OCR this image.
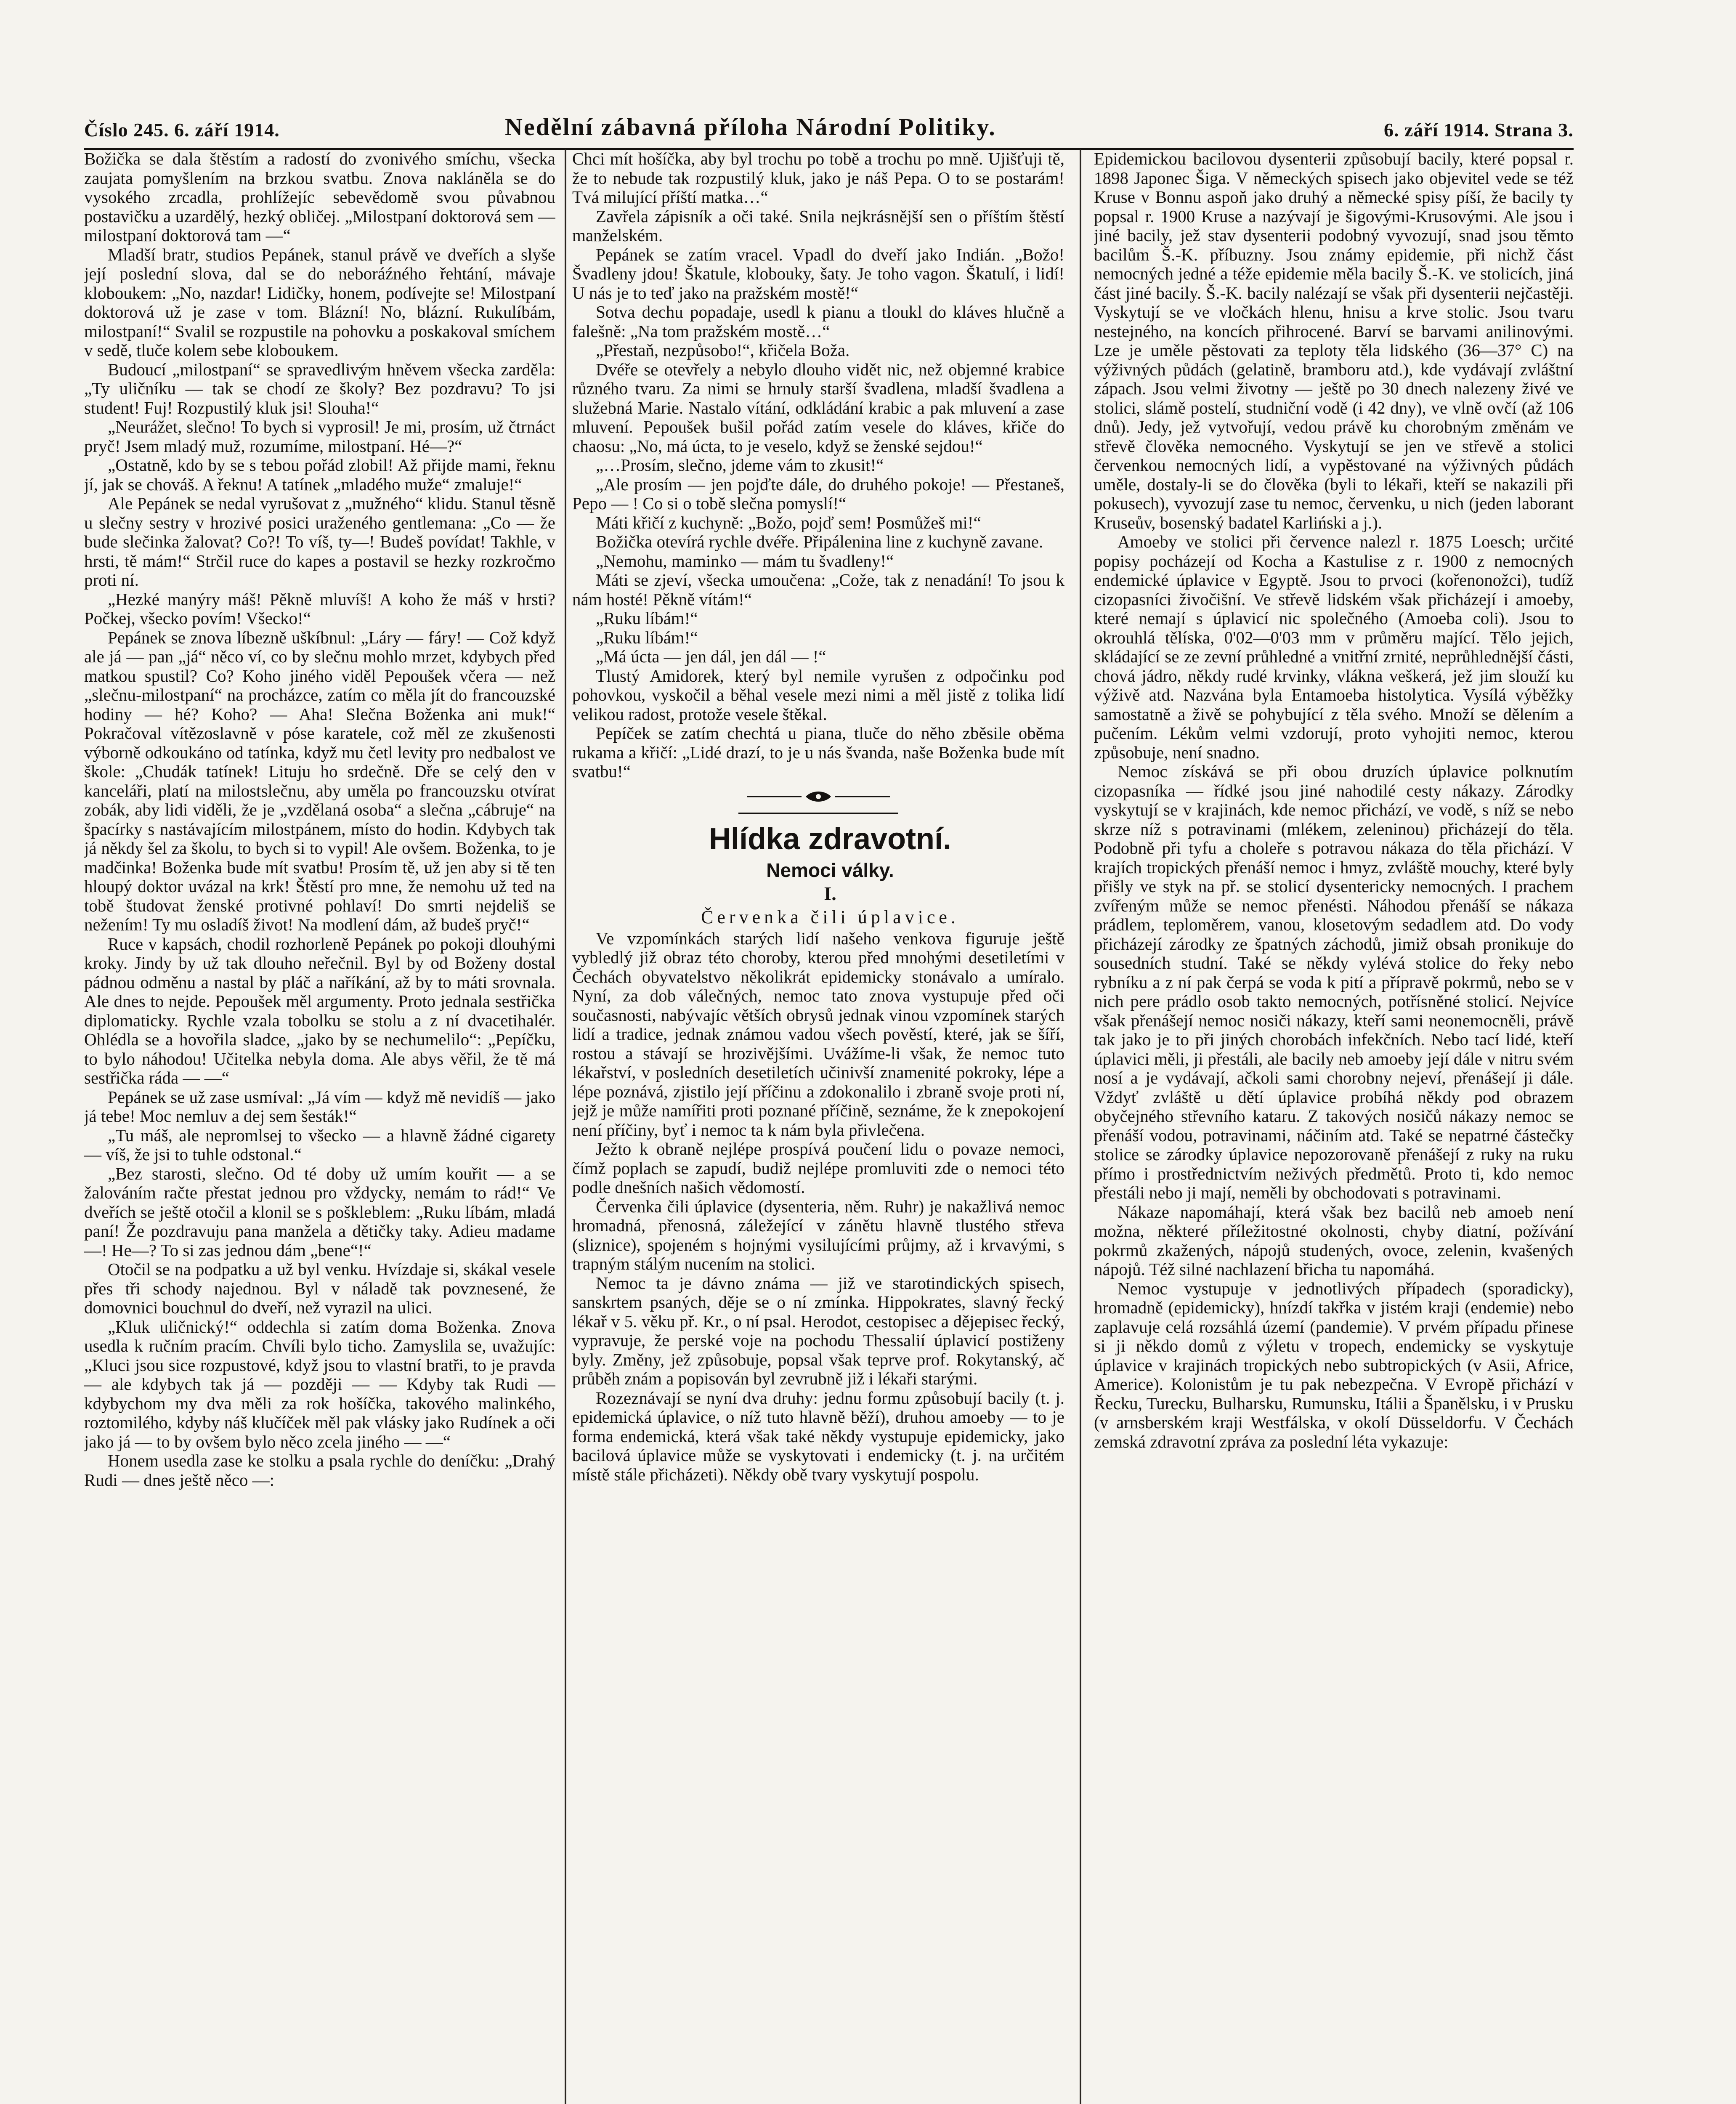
Číslo 245. 6. září 1914.	Nedělní zábavná příloha Národní Politiky.	6. září 1914. Strana 3.

Božička se dala štěstím a radostí do zvonivého smíchu, všecka zaujata pomyšlením na brzkou svatbu. Znova nakláněla se do vysokého zrcadla, prohlížejíc sebevědomě svou půvabnou postavičku a uzardělý, hezký obličej. „Milostpaní doktorová sem — milostpaní doktorová tam —“

Mladší bratr, studios Pepánek, stanul právě ve dveřích a slyše její poslední slova, dal se do neboráźného řehtání, mávaje kloboukem: „No, nazdar! Lidičky, honem, podívejte se! Milostpaní doktorová už je zase v tom. Blázní! No, blázní. Rukulíbám, milostpaní!“ Svalil se rozpustile na pohovku a poskakoval smíchem v sedě, tluče kolem sebe kloboukem.

Budoucí „milostpaní“ se spravedlivým hněvem všecka zarděla: „Ty uličníku — tak se chodí ze školy? Bez pozdravu? To jsi student! Fuj! Rozpustilý kluk jsi! Slouha!“

„Neurážet, slečno! To bych si vyprosil! Je mi, prosím, už čtrnáct pryč! Jsem mladý muž, rozumíme, milostpaní. Hé—?“

„Ostatně, kdo by se s tebou pořád zlobil! Až přijde mami, řeknu jí, jak se chováš. A řeknu! A tatínek „mladého muže“ zmaluje!“

Ale Pepánek se nedal vyrušovat z „mužného“ klidu. Stanul těsně u slečny sestry v hrozivé posici uraženého gentlemana: „Co — že bude slečinka žalovat? Co?! To víš, ty—! Budeš povídat! Takhle, v hrsti, tě mám!“ Strčil ruce do kapes a postavil se hezky rozkročmo proti ní.

„Hezké manýry máš! Pěkně mluvíš! A koho že máš v hrsti? Počkej, všecko povím! Všecko!“

Pepánek se znova líbezně uškíbnul: „Láry — fáry! — Což když ale já — pan „já“ něco ví, co by slečnu mohlo mrzet, kdybych před matkou spustil? Co? Koho jiného viděl Pepoušek včera — než „slečnu-milostpaní“ na procházce, zatím co měla jít do francouzské hodiny — hé? Koho? — Aha! Slečna Boženka ani muk!“ Pokračoval vítězoslavně v póse karatele, což měl ze zkušenosti výborně odkoukáno od tatínka, když mu četl levity pro nedbalost ve škole: „Chudák tatínek! Lituju ho srdečně. Dře se celý den v kanceláři, platí na milostslečnu, aby uměla po francouzsku otvírat zobák, aby lidi viděli, že je „vzdělaná osoba“ a slečna „cábruje“ na špacírky s nastávajícím milostpánem, místo do hodin. Kdybych tak já někdy šel za školu, to bych si to vypil! Ale ovšem. Boženka, to je madčinka! Boženka bude mít svatbu! Prosím tě, už jen aby si tě ten hloupý doktor uvázal na krk! Štěstí pro mne, že nemohu už ted na tobě študovat ženské protivné pohlaví! Do smrti nejdeliš se nežením! Ty mu osladíš život! Na modlení dám, až budeš pryč!“

Ruce v kapsách, chodil rozhorleně Pepánek po pokoji dlouhými kroky. Jindy by už tak dlouho neřečnil. Byl by od Boženy dostal pádnou odměnu a nastal by pláč a naříkání, až by to máti srovnala. Ale dnes to nejde. Pepoušek měl argumenty. Proto jednala sestřička diplomaticky. Rychle vzala tobolku se stolu a z ní dvacetihalér. Ohlédla se a hovořila sladce, „jako by se nechumelilo“: „Pepíčku, to bylo náhodou! Učitelka nebyla doma. Ale abys věřil, že tě má sestřička ráda — —“

Pepánek se už zase usmíval: „Já vím — když mě nevidíš — jako já tebe! Moc nemluv a dej sem šesták!“

„Tu máš, ale nepromlsej to všecko — a hlavně žádné cigarety — víš, že jsi to tuhle odstonal.“

„Bez starosti, slečno. Od té doby už umím kouřit — a se žalováním račte přestat jednou pro vždycky, nemám to rád!“ Ve dveřích se ještě otočil a klonil se s poškleblem: „Ruku líbám, mladá paní! Že pozdravuju pana manžela a dětičky taky. Adieu madame—! He—? To si zas jednou dám „bene“!“

Otočil se na podpatku a už byl venku. Hvízdaje si, skákal vesele přes tři schody najednou. Byl v náladě tak povznesené, že domovnici bouchnul do dveří, než vyrazil na ulici.

„Kluk uličnický!“ oddechla si zatím doma Boženka. Znova usedla k ručním pracím. Chvíli bylo ticho. Zamyslila se, uvažujíc: „Kluci jsou sice rozpustové, když jsou to vlastní bratři, to je pravda — ale kdybych tak já — později — — Kdyby tak Rudi — kdybychom my dva měli za rok hošíčka, takového malinkého, roztomilého, kdyby náš klučíček měl pak vlásky jako Rudínek a oči jako já — to by ovšem bylo něco zcela jiného — —“

Honem usedla zase ke stolku a psala rychle do deníčku: „Drahý Rudi — dnes ještě něco —:

Chci mít hošíčka, aby byl trochu po tobě a trochu po mně. Ujišťuji tě, že to nebude tak rozpustilý kluk, jako je náš Pepa. O to se postarám! Tvá milující příští matka…“

Zavřela zápisník a oči také. Snila nejkrásnější sen o příštím štěstí manželském.

Pepánek se zatím vracel. Vpadl do dveří jako Indián. „Božo! Švadleny jdou! Škatule, klobouky, šaty. Je toho vagon. Škatulí, i lidí! U nás je to teď jako na pražském mostě!“

Sotva dechu popadaje, usedl k pianu a tloukl do kláves hlučně a falešně: „Na tom pražském mostě…“

„Přestaň, nezpůsobo!“, křičela Boža.

Dvéře se otevřely a nebylo dlouho vidět nic, než objemné krabice různého tvaru. Za nimi se hrnuly starší švadlena, mladší švadlena a služebná Marie. Nastalo vítání, odkládání krabic a pak mluvení a zase mluvení. Pepoušek bušil pořád zatím vesele do kláves, křiče do chaosu: „No, má úcta, to je veselo, když se ženské sejdou!“

„…Prosím, slečno, jdeme vám to zkusit!“

„Ale prosím — jen pojďte dále, do druhého pokoje! — Přestaneš, Pepo — ! Co si o tobě slečna pomyslí!“

Máti křičí z kuchyně: „Božo, pojď sem! Posmůžeš mi!“

Božička otevírá rychle dvéře. Připálenina line z kuchyně zavane.

„Nemohu, maminko — mám tu švadleny!“

Máti se zjeví, všecka umoučena: „Cože, tak z nenadání! To jsou k nám hosté! Pěkně vítám!“

„Ruku líbám!“

„Ruku líbám!“

„Má úcta — jen dál, jen dál — !“

Tlustý Amidorek, který byl nemile vyrušen z odpočinku pod pohovkou, vyskočil a běhal vesele mezi nimi a měl jistě z tolika lidí velikou radost, protože vesele štěkal.

Pepíček se zatím chechtá u piana, tluče do něho zběsile oběma rukama a křičí: „Lidé drazí, to je u nás švanda, naše Boženka bude mít svatbu!“

Hlídka zdravotní.

Nemoci války.

I.

Červenka čili úplavice.

Ve vzpomínkách starých lidí našeho venkova figuruje ještě vybledlý již obraz této choroby, kterou před mnohými desetiletími v Čechách obyvatelstvo několikrát epidemicky stonávalo a umíralo. Nyní, za dob válečných, nemoc tato znova vystupuje před oči současnosti, nabývajíc větších obrysů jednak vinou vzpomínek starých lidí a tradice, jednak známou vadou všech pověstí, které, jak se šíří, rostou a stávají se hrozivějšími. Uvážíme-li však, že nemoc tuto lékařství, v posledních desetiletích učinivší znamenité pokroky, lépe a lépe poznává, zjistilo její příčinu a zdokonalilo i zbraně svoje proti ní, jejž je může namířiti proti poznané příčině, seznáme, že k znepokojení není příčiny, byť i nemoc ta k nám byla přivlečena.

Ježto k obraně nejlépe prospívá poučení lidu o povaze nemoci, čímž poplach se zapudí, budiž nejlépe promluviti zde o nemoci této podle dnešních našich vědomostí.

Červenka čili úplavice (dysenteria, něm. Ruhr) je nakažlivá nemoc hromadná, přenosná, záležející v zánětu hlavně tlustého střeva (sliznice), spojeném s hojnými vysilujícími průjmy, až i krvavými, s trapným stálým nucením na stolici.

Nemoc ta je dávno známa — již ve starotindických spisech, sanskrtem psaných, děje se o ní zmínka. Hippokrates, slavný řecký lékař v 5. věku př. Kr., o ní psal. Herodot, cestopisec a dějepisec řecký, vypravuje, že perské voje na pochodu Thessalií úplavicí postiženy byly. Změny, jež způsobuje, popsal však teprve prof. Rokytanský, ač průběh znám a popisován byl zevrubně již i lékaři starými.

Rozeznávají se nyní dva druhy: jednu formu způsobují bacily (t. j. epidemická úplavice, o níž tuto hlavně běží), druhou amoeby — to je forma endemická, která však také někdy vystupuje epidemicky, jako bacilová úplavice může se vyskytovati i endemicky (t. j. na určitém místě stále přicházeti). Někdy obě tvary vyskytují pospolu.

Epidemickou bacilovou dysenterii způsobují bacily, které popsal r. 1898 Japonec Šiga. V německých spisech jako objevitel vede se též Kruse v Bonnu aspoň jako druhý a německé spisy píší, že bacily ty popsal r. 1900 Kruse a nazývají je šigovými-Krusovými. Ale jsou i jiné bacily, jež stav dysenterii podobný vyvozují, snad jsou těmto bacilům Š.-K. příbuzny. Jsou známy epidemie, při nichž část nemocných jedné a téže epidemie měla bacily Š.-K. ve stolicích, jiná část jiné bacily. Š.-K. bacily nalézají se však při dysenterii nejčastěji. Vyskytují se ve vločkách hlenu, hnisu a krve stolic. Jsou tvaru nestejného, na koncích přihrocené. Barví se barvami anilinovými. Lze je uměle pěstovati za teploty těla lidského (36—37° C) na výživných půdách (gelatině, bramboru atd.), kde vydávají zvláštní zápach. Jsou velmi životny — ještě po 30 dnech nalezeny živé ve stolici, slámě postelí, studniční vodě (i 42 dny), ve vlně ovčí (až 106 dnů). Jedy, jež vytvořují, vedou právě ku chorobným změnám ve střevě člověka nemocného. Vyskytují se jen ve střevě a stolici červenkou nemocných lidí, a vypěstované na výživných půdách uměle, dostaly-li se do člověka (byli to lékaři, kteří se nakazili při pokusech), vyvozují zase tu nemoc, červenku, u nich (jeden laborant Kruseův, bosenský badatel Karliński a j.).

Amoeby ve stolici při července nalezl r. 1875 Loesch; určité popisy pocházejí od Kocha a Kastulise z r. 1900 z nemocných endemické úplavice v Egyptě. Jsou to prvoci (kořenonožci), tudíž cizopasníci živočišní. Ve střevě lidském však přicházejí i amoeby, které nemají s úplavicí nic společného (Amoeba coli). Jsou to okrouhlá tělíska, 0'02—0'03 mm v průměru mající. Tělo jejich, skládající se ze zevní průhledné a vnitřní zrnité, neprůhlednější části, chová jádro, někdy rudé krvinky, vlákna veškerá, jež jim slouží ku výživě atd. Nazvána byla Entamoeba histolytica. Vysílá výběžky samostatně a živě se pohybující z těla svého. Množí se dělením a pučením. Lékům velmi vzdorují, proto vyhojiti nemoc, kterou způsobuje, není snadno.

Nemoc získává se při obou druzích úplavice polknutím cizopasníka — řídké jsou jiné nahodilé cesty nákazy. Zárodky vyskytují se v krajinách, kde nemoc přichází, ve vodě, s níž se nebo skrze níž s potravinami (mlékem, zeleninou) přicházejí do těla. Podobně při tyfu a choleře s potravou nákaza do těla přichází. V krajích tropických přenáší nemoc i hmyz, zvláště mouchy, které byly přišly ve styk na př. se stolicí dysentericky nemocných. I prachem zvířeným může se nemoc přenésti. Náhodou přenáší se nákaza prádlem, teploměrem, vanou, klosetovým sedadlem atd. Do vody přicházejí zárodky ze špatných záchodů, jimiž obsah pronikuje do sousedních studní. Také se někdy vylévá stolice do řeky nebo rybníku a z ní pak čerpá se voda k pití a přípravě pokrmů, nebo se v nich pere prádlo osob takto nemocných, potřísněné stolicí. Nejvíce však přenášejí nemoc nosiči nákazy, kteří sami neonemocněli, právě tak jako je to při jiných chorobách infekčních. Nebo tací lidé, kteří úplavici měli, ji přestáli, ale bacily neb amoeby její dále v nitru svém nosí a je vydávají, ačkoli sami chorobny nejeví, přenášejí ji dále. Vždyť zvláště u dětí úplavice probíhá někdy pod obrazem obyčejného střevního kataru. Z takových nosičů nákazy nemoc se přenáší vodou, potravinami, náčiním atd. Také se nepatrné částečky stolice se zárodky úplavice nepozorovaně přenášejí z ruky na ruku přímo i prostřednictvím neživých předmětů. Proto ti, kdo nemoc přestáli nebo ji mají, neměli by obchodovati s potravinami.

Nákaze napomáhají, která však bez bacilů neb amoeb není možna, některé příležitostné okolnosti, chyby diatní, požívání pokrmů zkažených, nápojů studených, ovoce, zelenin, kvašených nápojů. Též silné nachlazení břicha tu napomáhá.

Nemoc vystupuje v jednotlivých případech (sporadicky), hromadně (epidemicky), hnízdí takřka v jistém kraji (endemie) nebo zaplavuje celá rozsáhlá území (pandemie). V prvém případu přinese si ji někdo domů z výletu v tropech, endemicky se vyskytuje úplavice v krajinách tropických nebo subtropických (v Asii, Africe, Americe). Kolonistům je tu pak nebezpečna. V Evropě přichází v Řecku, Turecku, Bulharsku, Rumunsku, Itálii a Španělsku, i v Prusku (v arnsberském kraji Westfálska, v okolí Düsseldorfu. V Čechách zemská zdravotní zpráva za poslední léta vykazuje:
